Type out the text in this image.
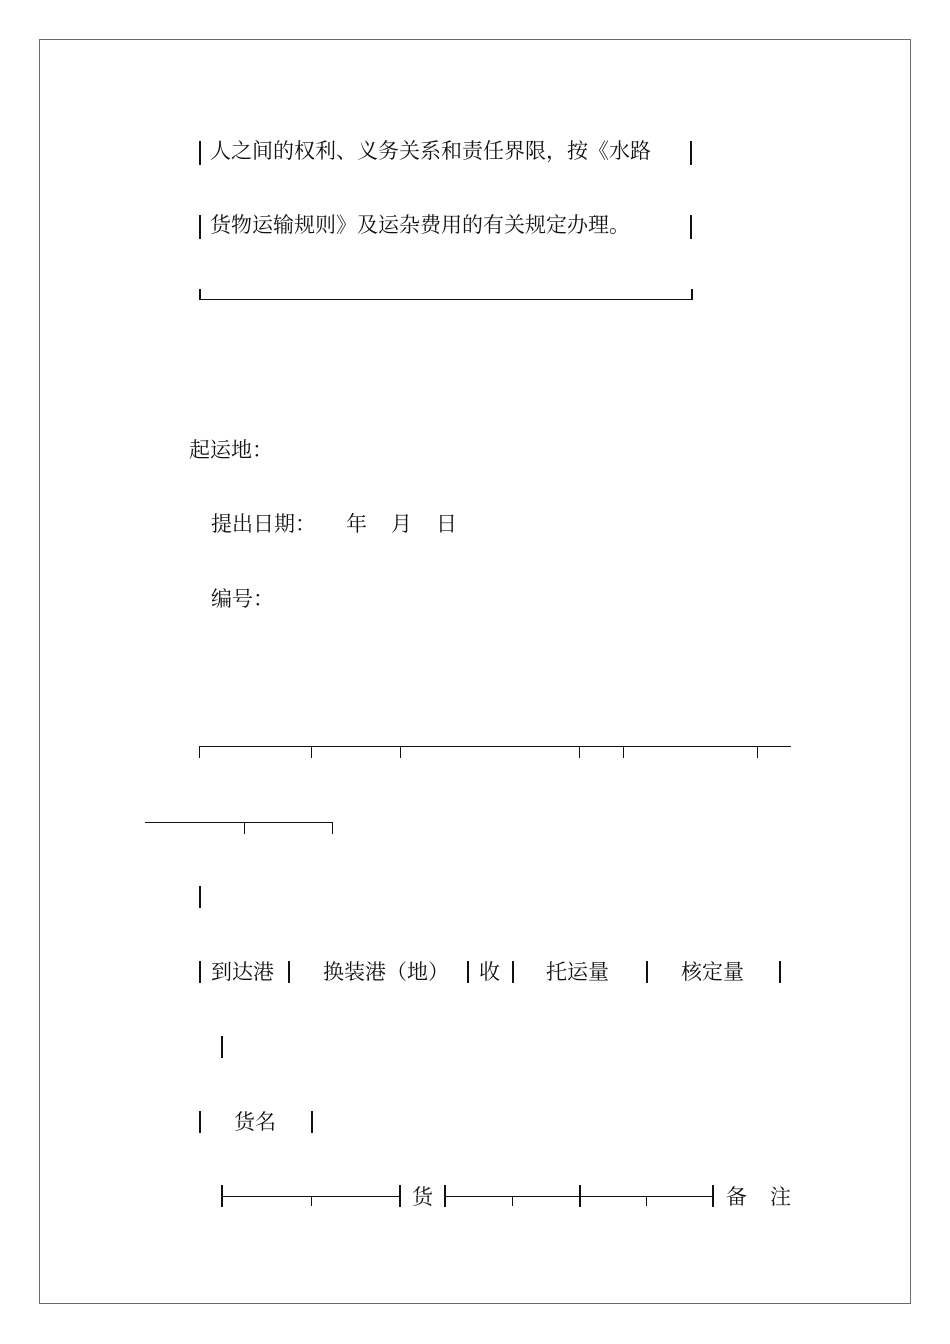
人之间的权利、义务关系和责任界限，按《水路
货物运输规则》及运杂费用的有关规定办理。
起运地：
提出日期： 年 月 日
编号：
到达港 换装港（地） 收 托运量	核定量
货名
货	备 注
